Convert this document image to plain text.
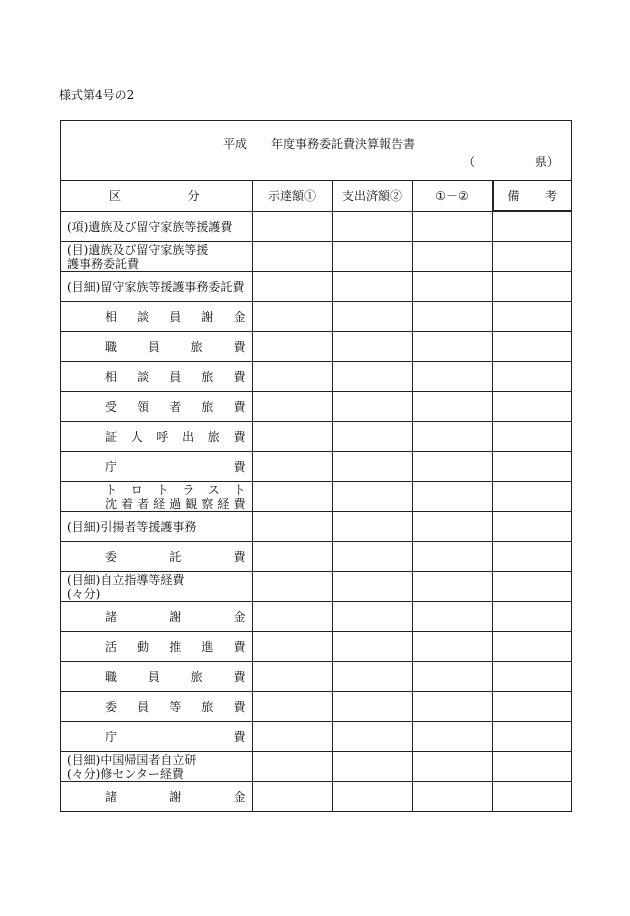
様式第4号の2
平成　　年度事務委託費決算報告書
（　　　　　県）
区 分	示達額①	支出済額②	①－②		備 考

(項)遺族及び留守家族等援護費				

(目)遺族及び留守家族等援
護事務委託費				

(目細)留守家族等援護事務委託費				

相談員謝金				

職員旅費				

相談員旅費				

受領者旅費				

証人呼出旅費				

庁費				

トロトラスト
沈着者経過観察経費				

(目細)引揚者等援護事務				

委託費				

(目細)自立指導等経費
(々分)				

諸謝金				

活動推進費				

職員旅費				

委員等旅費				

庁費				

(目細)中国帰国者自立研
(々分)修センター経費				

諸謝金				
